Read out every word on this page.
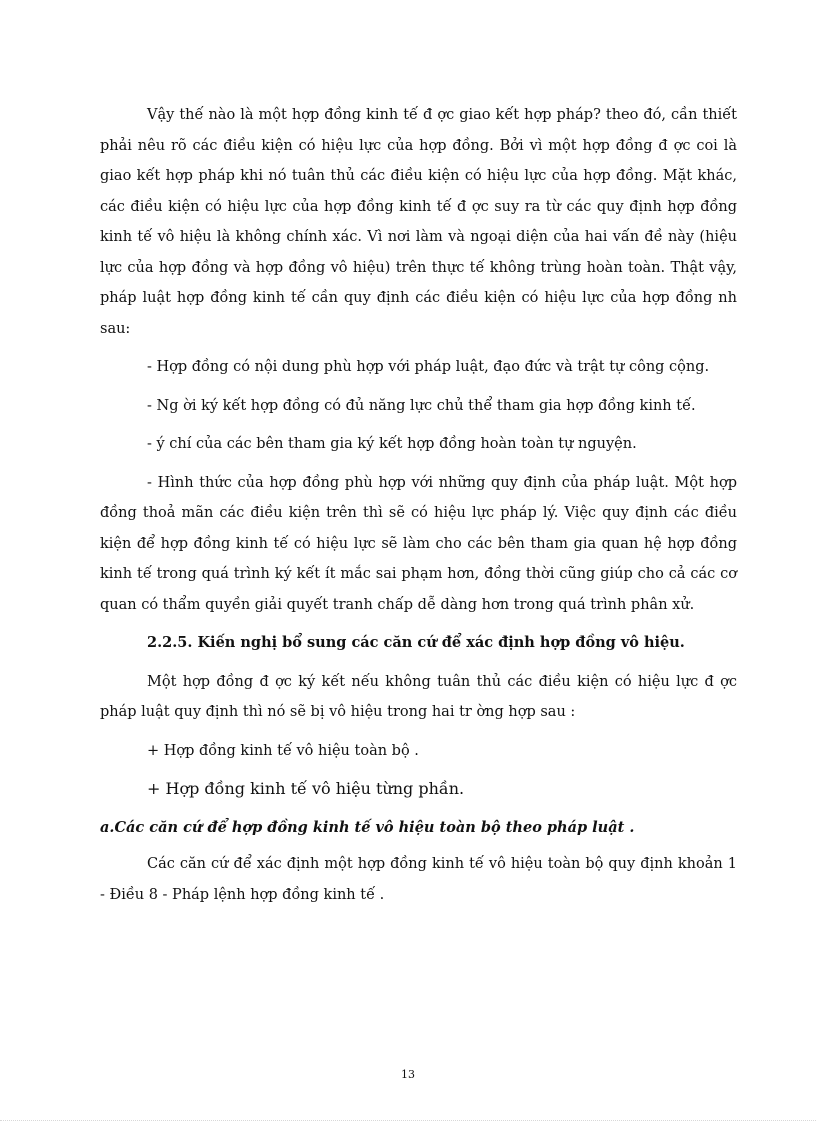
Vậy thế nào là một hợp đồng kinh tế đ ợc giao kết hợp pháp? theo đó, cần thiết phải nêu rõ các điều kiện có hiệu lực của hợp đồng. Bởi vì một hợp đồng đ ợc coi là giao kết hợp pháp khi nó tuân thủ các điều kiện có hiệu lực của hợp đồng. Mặt khác, các điều kiện có hiệu lực của hợp đồng kinh tế đ ợc suy ra từ các quy định hợp đồng kinh tế vô hiệu là không chính xác. Vì nơi làm và ngoại diện của hai vấn đề này (hiệu lực của hợp đồng và hợp đồng vô hiệu) trên thực tế không trùng hoàn toàn. Thật vậy, pháp luật hợp đồng kinh tế cần quy định các điều kiện có hiệu lực của hợp đồng nh sau:

- Hợp đồng có nội dung phù hợp với pháp luật, đạo đức và trật tự công cộng.

- Ng ời ký kết hợp đồng có đủ năng lực chủ thể tham gia hợp đồng kinh tế.

- ý chí của các bên tham gia ký kết hợp đồng hoàn toàn tự nguyện.

- Hình thức của hợp đồng phù hợp với những quy định của pháp luật. Một hợp đồng thoả mãn các điều kiện trên thì sẽ có hiệu lực pháp lý. Việc quy định các điều kiện để hợp đồng kinh tế có hiệu lực sẽ làm cho các bên tham gia quan hệ hợp đồng kinh tế trong quá trình ký kết ít mắc sai phạm hơn, đồng thời cũng giúp cho cả các cơ quan có thẩm quyền giải quyết tranh chấp dễ dàng hơn trong quá trình phân xử.

2.2.5. Kiến nghị bổ sung các căn cứ để xác định hợp đồng vô hiệu.

Một hợp đồng đ ợc ký kết nếu không tuân thủ các điều kiện có hiệu lực đ ợc pháp luật quy định thì nó sẽ bị vô hiệu trong hai tr ờng hợp sau :

+ Hợp đồng kinh tế vô hiệu toàn bộ .

+ Hợp đồng kinh tế vô hiệu từng phần.

a.Các căn cứ để hợp đồng kinh tế vô hiệu toàn bộ theo pháp luật .

Các căn cứ để xác định một hợp đồng kinh tế vô hiệu toàn bộ quy định khoản 1 - Điều 8 - Pháp lệnh hợp đồng kinh tế .

13
